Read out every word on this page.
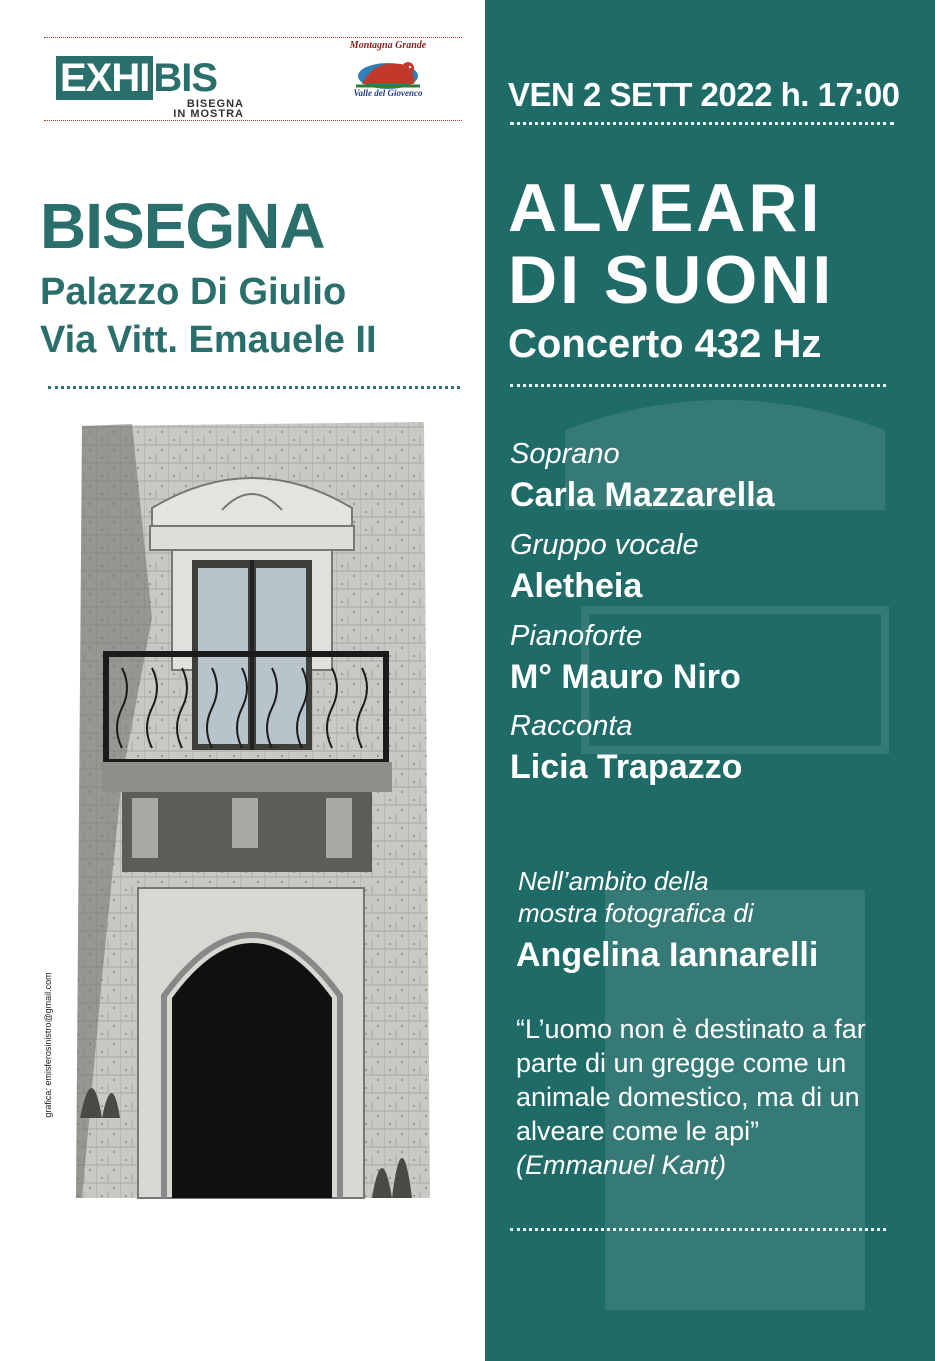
EXHI BIS
BISEGNA
IN MOSTRA
Montagna Grande
Valle del Giovenco
BISEGNA
Palazzo Di Giulio
Via Vitt. Emauele II
grafica: emisferosinistro@gmail.com
VEN 2 SETT 2022 h. 17:00
ALVEARI
DI SUONI
Concerto 432 Hz
Soprano
Carla Mazzarella
Gruppo vocale
Aletheia
Pianoforte
M° Mauro Niro
Racconta
Licia Trapazzo
Nell’ambito della
mostra fotografica di
Angelina Iannarelli
“L’uomo non è destinato a far parte di un gregge come un animale domestico, ma di un alveare come le api”
(Emmanuel Kant)
